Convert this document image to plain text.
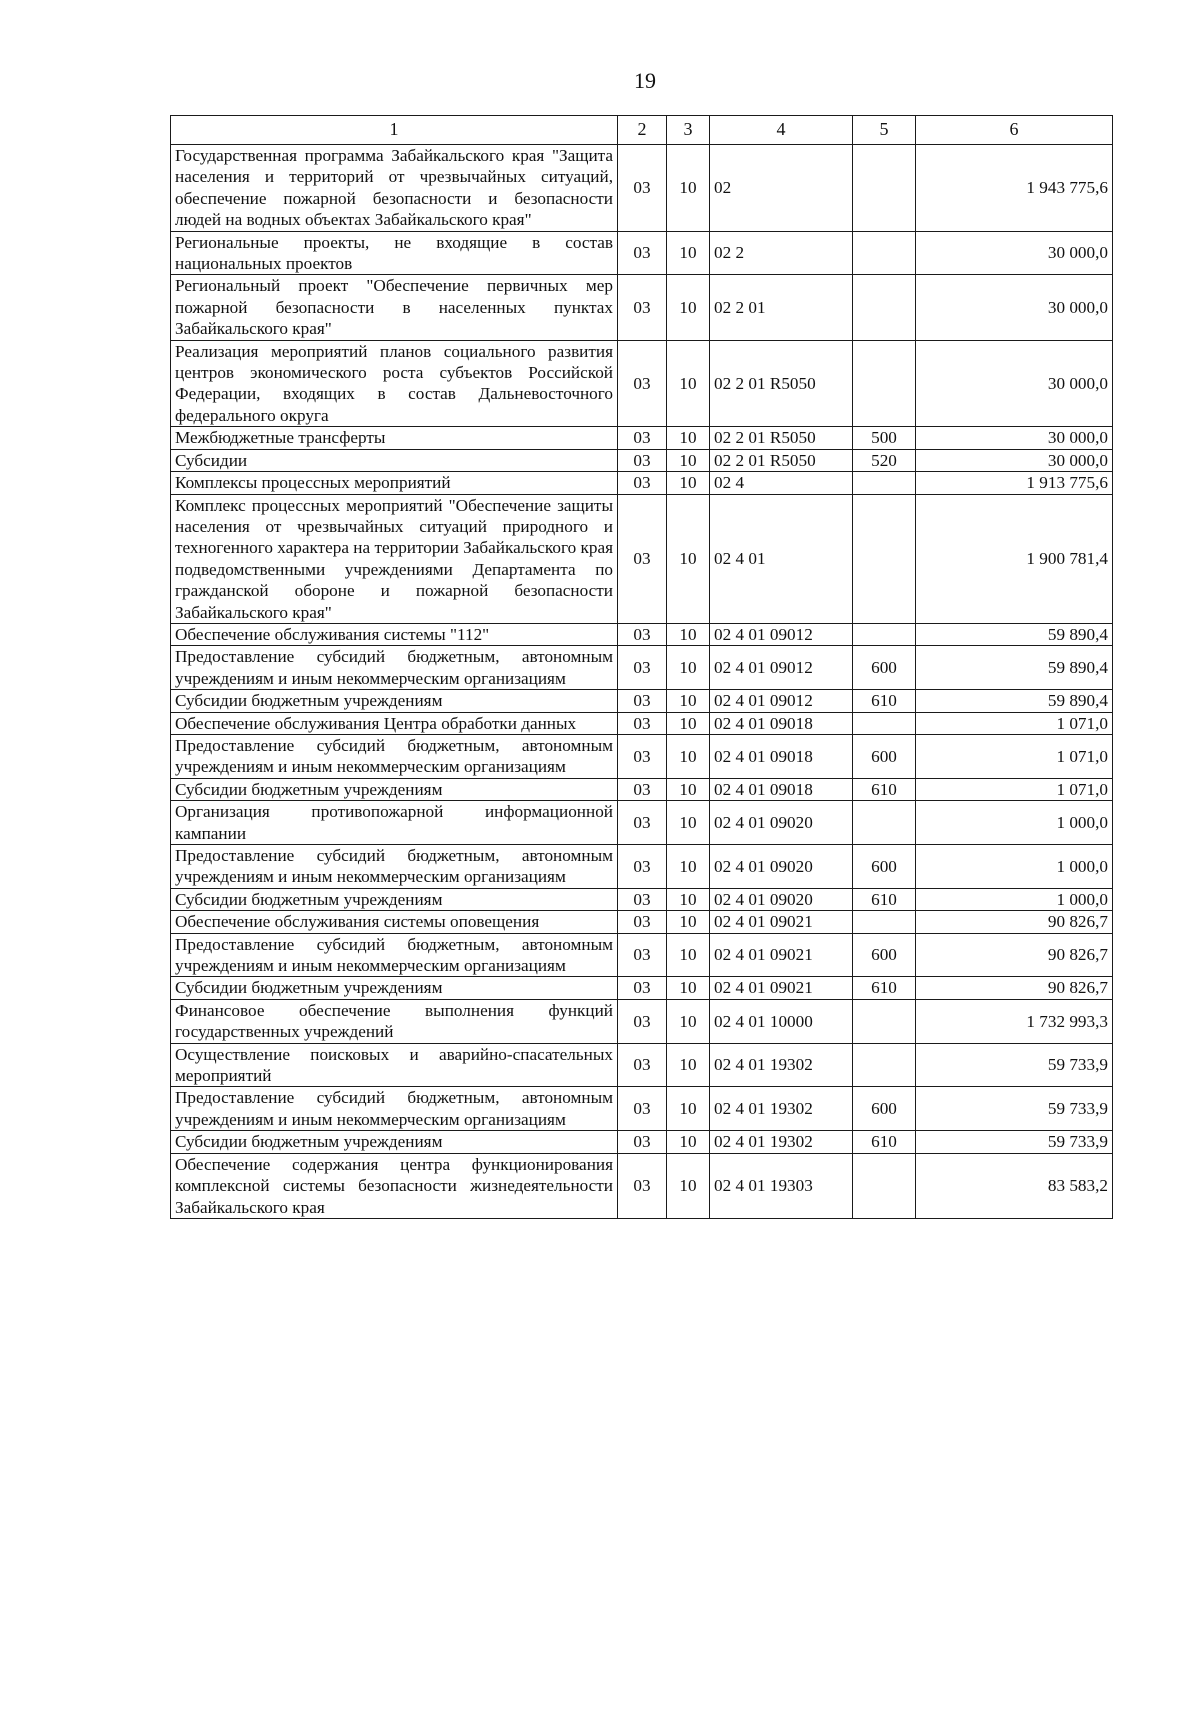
19
1	2	3	4	5	6
Государственная программа Забайкальского края "Защита населения и территорий от чрезвычайных ситуаций, обеспечение пожарной безопасности и безопасности людей на водных объектах Забайкальского края"	03	10	02		1 943 775,6
Региональные проекты, не входящие в состав национальных проектов	03	10	02 2		30 000,0
Региональный проект "Обеспечение первичных мер пожарной безопасности в населенных пунктах Забайкальского края"	03	10	02 2 01		30 000,0
Реализация мероприятий планов социального развития центров экономического роста субъектов Российской Федерации, входящих в состав Дальневосточного федерального округа	03	10	02 2 01 R5050		30 000,0
Межбюджетные трансферты	03	10	02 2 01 R5050	500	30 000,0
Субсидии	03	10	02 2 01 R5050	520	30 000,0
Комплексы процессных мероприятий	03	10	02 4		1 913 775,6
Комплекс процессных мероприятий "Обеспечение защиты населения от чрезвычайных ситуаций природного и техногенного характера на территории Забайкальского края подведомственными учреждениями Департамента по гражданской обороне и пожарной безопасности Забайкальского края"	03	10	02 4 01		1 900 781,4
Обеспечение обслуживания системы "112"	03	10	02 4 01 09012		59 890,4
Предоставление субсидий бюджетным, автономным учреждениям и иным некоммерческим организациям	03	10	02 4 01 09012	600	59 890,4
Субсидии бюджетным учреждениям	03	10	02 4 01 09012	610	59 890,4
Обеспечение обслуживания Центра обработки данных	03	10	02 4 01 09018		1 071,0
Предоставление субсидий бюджетным, автономным учреждениям и иным некоммерческим организациям	03	10	02 4 01 09018	600	1 071,0
Субсидии бюджетным учреждениям	03	10	02 4 01 09018	610	1 071,0
Организация противопожарной информационной кампании	03	10	02 4 01 09020		1 000,0
Предоставление субсидий бюджетным, автономным учреждениям и иным некоммерческим организациям	03	10	02 4 01 09020	600	1 000,0
Субсидии бюджетным учреждениям	03	10	02 4 01 09020	610	1 000,0
Обеспечение обслуживания системы оповещения	03	10	02 4 01 09021		90 826,7
Предоставление субсидий бюджетным, автономным учреждениям и иным некоммерческим организациям	03	10	02 4 01 09021	600	90 826,7
Субсидии бюджетным учреждениям	03	10	02 4 01 09021	610	90 826,7
Финансовое обеспечение выполнения функций государственных учреждений	03	10	02 4 01 10000		1 732 993,3
Осуществление поисковых и аварийно-спасательных мероприятий	03	10	02 4 01 19302		59 733,9
Предоставление субсидий бюджетным, автономным учреждениям и иным некоммерческим организациям	03	10	02 4 01 19302	600	59 733,9
Субсидии бюджетным учреждениям	03	10	02 4 01 19302	610	59 733,9
Обеспечение содержания центра функционирования комплексной системы безопасности жизнедеятельности Забайкальского края	03	10	02 4 01 19303		83 583,2
